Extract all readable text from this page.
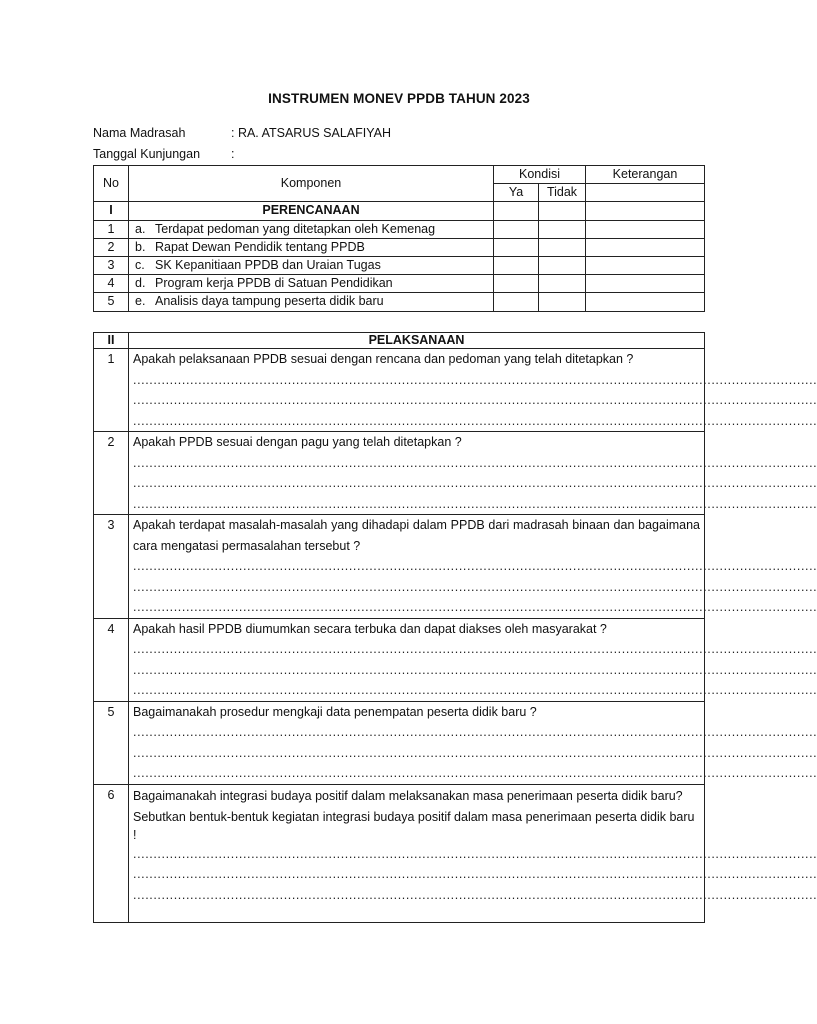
INSTRUMEN MONEV PPDB TAHUN 2023
Nama Madrasah	: RA. ATSARUS SALAFIYAH
Tanggal Kunjungan :
No	Komponen	Kondisi		Keterangan
		Ya	Tidak	
I	PERENCANAAN			
1	a. Terdapat pedoman yang ditetapkan oleh Kemenag			
2	b. Rapat Dewan Pendidik tentang PPDB			
3	c. SK Kepanitiaan PPDB dan Uraian Tugas			
4	d. Program kerja PPDB di Satuan Pendidikan			
5	e. Analisis daya tampung peserta didik baru			
II	PELAKSANAAN
1	Apakah pelaksanaan PPDB sesuai dengan rencana dan pedoman yang telah ditetapkan ?
........................................................................................................................................................................
........................................................................................................................................................................
........................................................................................................................................................................

2	Apakah PPDB sesuai dengan pagu yang telah ditetapkan ?
........................................................................................................................................................................
........................................................................................................................................................................
........................................................................................................................................................................

3	Apakah terdapat masalah-masalah yang dihadapi dalam PPDB dari madrasah binaan dan bagaimana cara mengatasi permasalahan tersebut ?
........................................................................................................................................................................
........................................................................................................................................................................
........................................................................................................................................................................

4	Apakah hasil PPDB diumumkan secara terbuka dan dapat diakses oleh masyarakat ?
........................................................................................................................................................................
........................................................................................................................................................................
........................................................................................................................................................................

5	Bagaimanakah prosedur mengkaji data penempatan peserta didik baru ?
........................................................................................................................................................................
........................................................................................................................................................................
........................................................................................................................................................................

6	Bagaimanakah integrasi budaya positif dalam melaksanakan masa penerimaan peserta didik baru?
Sebutkan bentuk-bentuk kegiatan integrasi budaya positif dalam masa penerimaan peserta didik baru !
........................................................................................................................................................................
........................................................................................................................................................................
........................................................................................................................................................................
